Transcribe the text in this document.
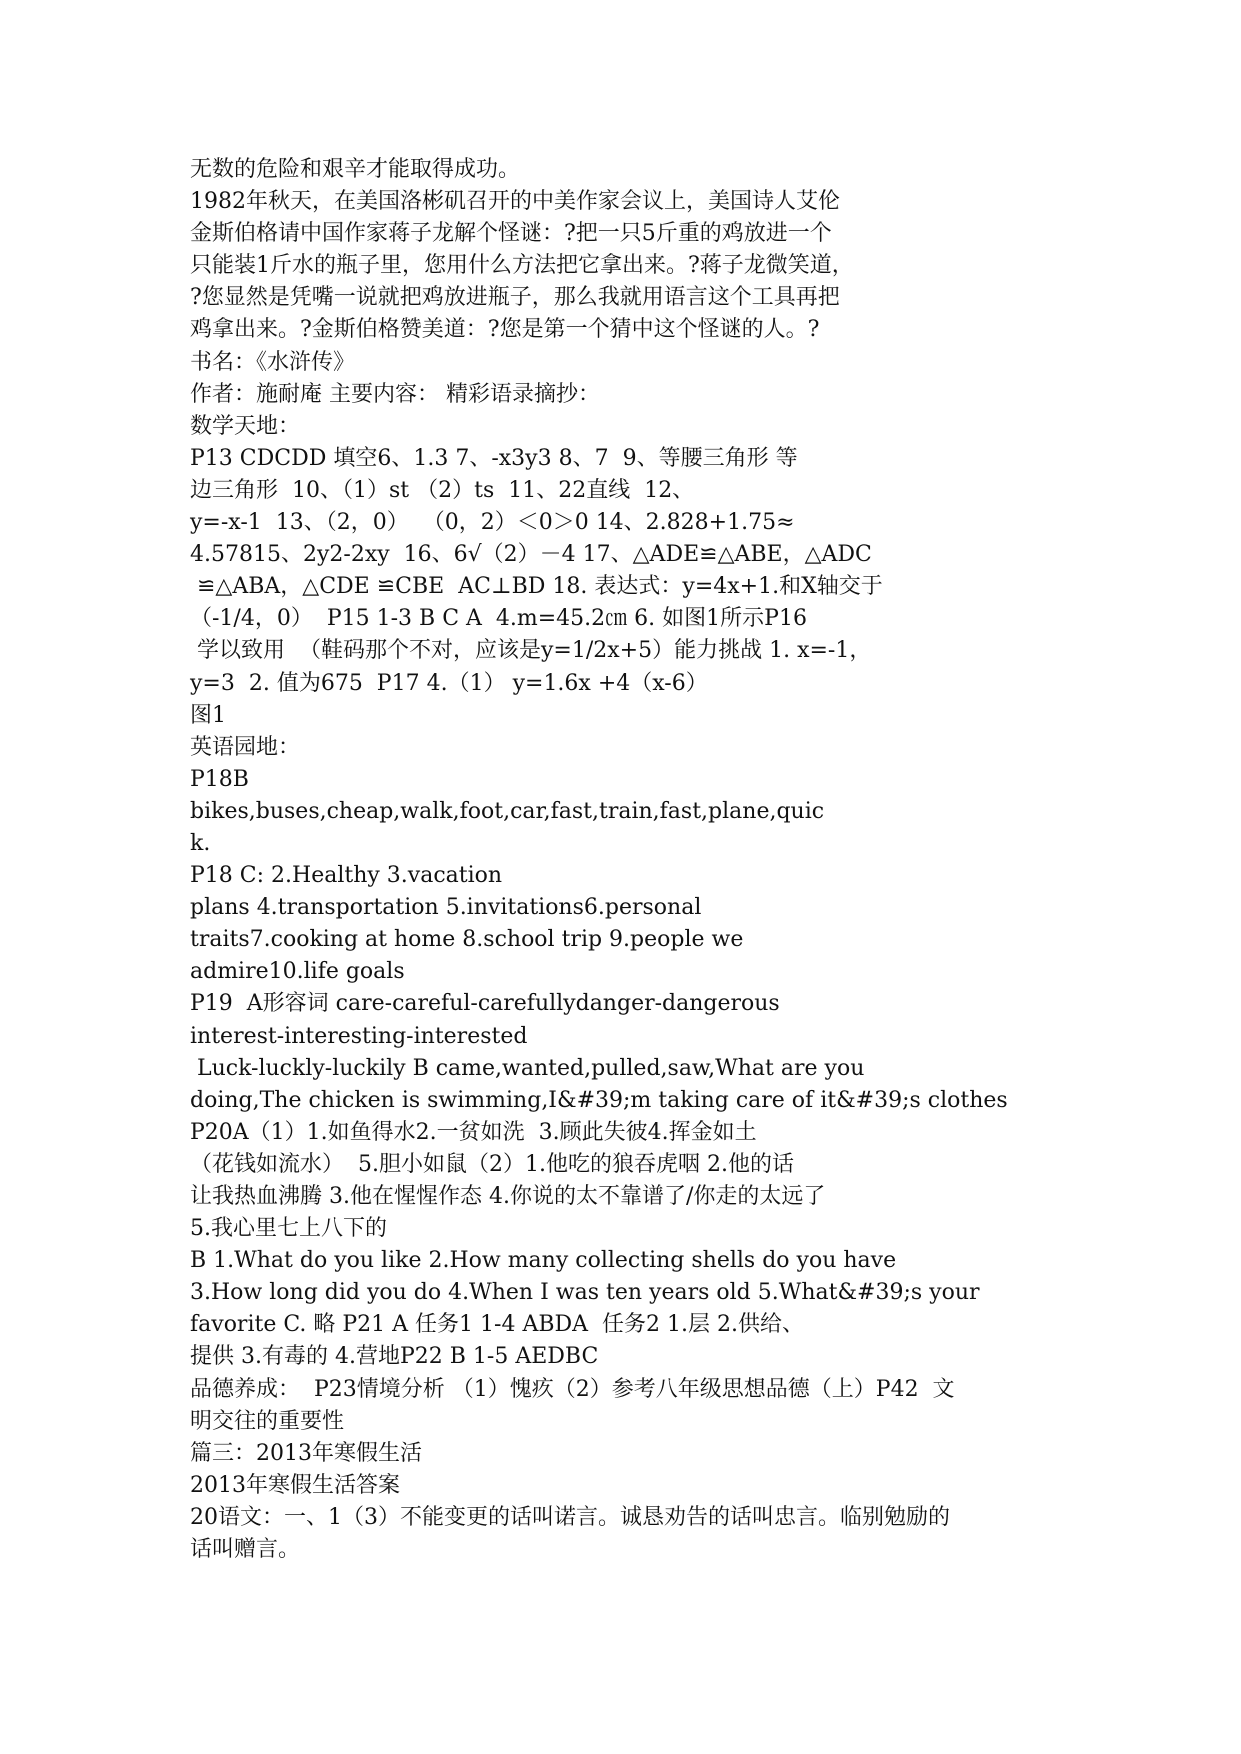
无数的危险和艰辛才能取得成功。
1982年秋天，在美国洛彬矶召开的中美作家会议上，美国诗人艾伦
金斯伯格请中国作家蒋子龙解个怪谜：?把一只5斤重的鸡放进一个
只能装1斤水的瓶子里，您用什么方法把它拿出来。?蒋子龙微笑道，
?您显然是凭嘴一说就把鸡放进瓶子，那么我就用语言这个工具再把
鸡拿出来。?金斯伯格赞美道：?您是第一个猜中这个怪谜的人。?
书名：《水浒传》
作者：施耐庵 主要内容： 精彩语录摘抄：
数学天地：
P13 CDCDD 填空6、1.3 7、-x3y3 8、7  9、等腰三角形 等
边三角形  10、（1）st （2）ts  11、22直线  12、
y=-x-1  13、（2，0）  （0，2）＜0＞0 14、2.828+1.75≈
4.57815、2y2-2xy  16、6√（2）－4 17、△ADE≌△ABE，△ADC
≌△ABA，△CDE ≌CBE  AC⊥BD 18. 表达式：y=4x+1.和X轴交于
（-1/4，0）  P15 1-3 B C A  4.m=45.2㎝ 6. 如图1所示P16
学以致用  （鞋码那个不对，应该是y=1/2x+5）能力挑战 1. x=-1，
y=3  2. 值为675  P17 4.（1） y=1.6x +4（x-6）
图1
英语园地：
P18B
bikes,buses,cheap,walk,foot,car,fast,train,fast,plane,quic
k.
P18 C: 2.Healthy 3.vacation
plans 4.transportation 5.invitations6.personal
traits7.cooking at home 8.school trip 9.people we
admire10.life goals
P19  A形容词 care-careful-carefullydanger-dangerous
interest-interesting-interested
Luck-luckly-luckily B came,wanted,pulled,saw,What are you
doing,The chicken is swimming,I&#39;m taking care of it&#39;s clothes
P20A（1）1.如鱼得水2.一贫如洗  3.顾此失彼4.挥金如土
（花钱如流水）  5.胆小如鼠（2）1.他吃的狼吞虎咽 2.他的话
让我热血沸腾 3.他在惺惺作态 4.你说的太不靠谱了/你走的太远了
5.我心里七上八下的
B 1.What do you like 2.How many collecting shells do you have
3.How long did you do 4.When I was ten years old 5.What&#39;s your
favorite C. 略 P21 A 任务1 1-4 ABDA  任务2 1.层 2.供给、
提供 3.有毒的 4.营地P22 B 1-5 AEDBC
品德养成：  P23情境分析 （1）愧疚（2）参考八年级思想品德（上）P42  文
明交往的重要性
篇三：2013年寒假生活
2013年寒假生活答案
20语文：一、1（3）不能变更的话叫诺言。诚恳劝告的话叫忠言。临别勉励的
话叫赠言。
